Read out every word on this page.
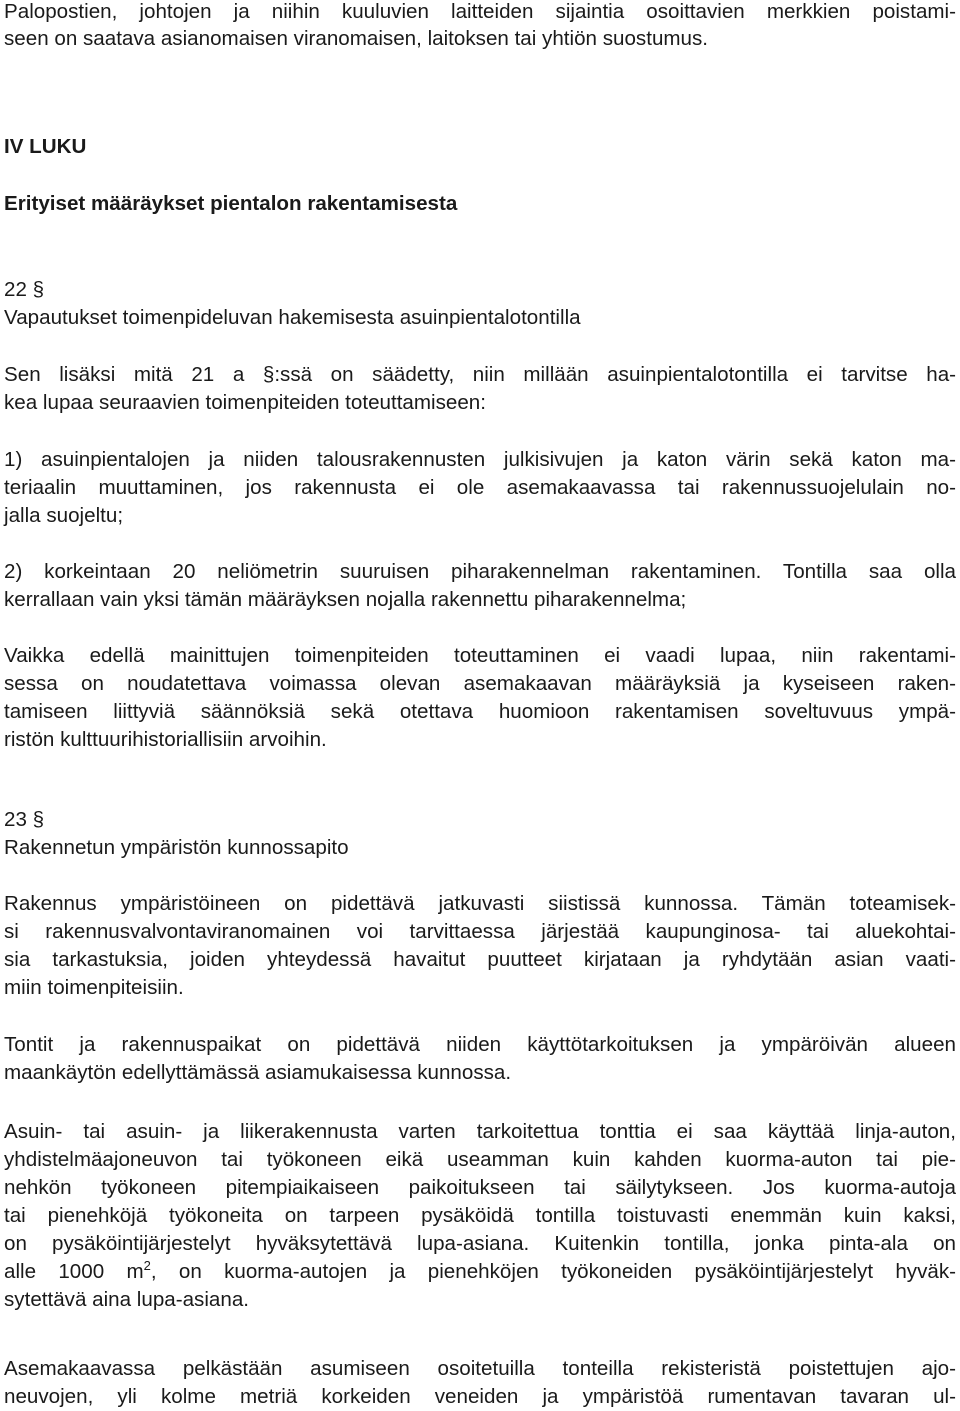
Palopostien, johtojen ja niihin kuuluvien laitteiden sijaintia osoittavien merkkien poistami-
seen on saatava asianomaisen viranomaisen, laitoksen tai yhtiön suostumus.
IV LUKU
Erityiset määräykset pientalon rakentamisesta
22 §
Vapautukset toimenpideluvan hakemisesta asuinpientalotontilla
Sen lisäksi mitä 21 a §:ssä on säädetty, niin millään asuinpientalotontilla ei tarvitse ha-
kea lupaa seuraavien toimenpiteiden toteuttamiseen:
1) asuinpientalojen ja niiden talousrakennusten julkisivujen ja katon värin sekä katon ma-
teriaalin muuttaminen, jos rakennusta ei ole asemakaavassa tai rakennussuojelulain no-
jalla suojeltu;
2) korkeintaan 20 neliömetrin suuruisen piharakennelman rakentaminen. Tontilla saa olla
kerrallaan vain yksi tämän määräyksen nojalla rakennettu piharakennelma;
Vaikka edellä mainittujen toimenpiteiden toteuttaminen ei vaadi lupaa, niin rakentami-
sessa on noudatettava voimassa olevan asemakaavan määräyksiä ja kyseiseen raken-
tamiseen liittyviä säännöksiä sekä otettava huomioon rakentamisen soveltuvuus ympä-
ristön kulttuurihistoriallisiin arvoihin.
23 §
Rakennetun ympäristön kunnossapito
Rakennus ympäristöineen on pidettävä jatkuvasti siistissä kunnossa. Tämän toteamisek-
si rakennusvalvontaviranomainen voi tarvittaessa järjestää kaupunginosa- tai aluekohtai-
sia tarkastuksia, joiden yhteydessä havaitut puutteet kirjataan ja ryhdytään asian vaati-
miin toimenpiteisiin.
Tontit ja rakennuspaikat on pidettävä niiden käyttötarkoituksen ja ympäröivän alueen
maankäytön edellyttämässä asiamukaisessa kunnossa.
Asuin- tai asuin- ja liikerakennusta varten tarkoitettua tonttia ei saa käyttää linja-auton,
yhdistelmäajoneuvon tai työkoneen eikä useamman kuin kahden kuorma-auton tai pie-
nehkön työkoneen pitempiaikaiseen paikoitukseen tai säilytykseen. Jos kuorma-autoja
tai pienehköjä työkoneita on tarpeen pysäköidä tontilla toistuvasti enemmän kuin kaksi,
on pysäköintijärjestelyt hyväksytettävä lupa-asiana. Kuitenkin tontilla, jonka pinta-ala on
alle 1000 $m^2$, on kuorma-autojen ja pienehköjen työkoneiden pysäköintijärjestelyt hyväk-
sytettävä aina lupa-asiana.
Asemakaavassa pelkästään asumiseen osoitetuilla tonteilla rekisteristä poistettujen ajo-
neuvojen, yli kolme metriä korkeiden veneiden ja ympäristöä rumentavan tavaran ul-
